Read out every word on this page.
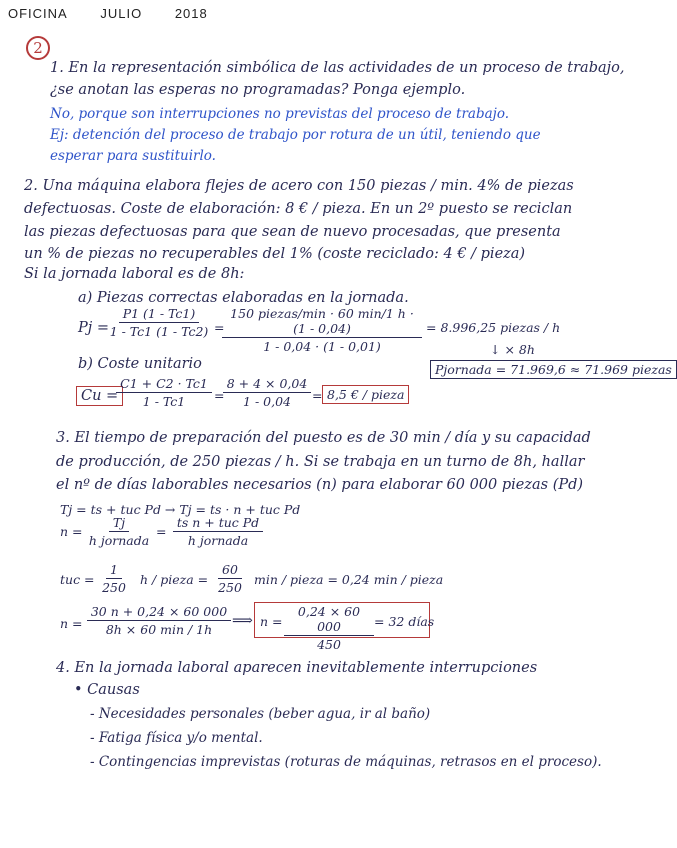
OFICINA	JULIO	2018
2
1. En la representación simbólica de las actividades de un proceso de trabajo,
¿se anotan las esperas no programadas? Ponga ejemplo.
No, porque son interrupciones no previstas del proceso de trabajo.
Ej: detención del proceso de trabajo por rotura de un útil, teniendo que
esperar para sustituirlo.
2. Una máquina elabora flejes de acero con 150 piezas / min. 4% de piezas
defectuosas. Coste de elaboración: 8 € / pieza. En un 2º puesto se reciclan
las piezas defectuosas para que sean de nuevo procesadas, que presenta
un % de piezas no recuperables del 1% (coste reciclado: 4 € / pieza)
Si la jornada laboral es de 8h:
a) Piezas correctas elaboradas en la jornada.
Pj =
$\frac{P1 (1 - Tc1)}{1 - Tc1 (1 - Tc2)}$ =
150 piezas/min · 60 min/1 h · (1 - 0,04)
1 - 0,04 · (1 - 0,01)
= 8.996,25 piezas / h
↓ × 8h
Pjornada = 71.969,6 ≈ 71.969 piezas
b) Coste unitario
Cu =
$\frac{C1 + C2 \cdot Tc1}{1 - Tc1}$ =
$\frac{8 + 4 \times 0,04}{1 - 0,04} = 8,5$ € / pieza
3. El tiempo de preparación del puesto es de 30 min / día y su capacidad
de producción, de 250 piezas / h. Si se trabaja en un turno de 8h, hallar
el nº de días laborables necesarios (n) para elaborar 60 000 piezas (Pd)
Tj = ts + tuc Pd → Tj = ts · n + tuc Pd
n =
Tj
h jornada
=
ts n + tuc Pd
h jornada
tuc = $\frac{1}{250}$ h / pieza = $\frac{60}{250}$ min / pieza = 0,24 min / pieza
n =
30 n + 0,24 × 60 000
8h × 60 min / 1h
⟹ $n = \frac{0,24 \times 60 000}{450} = 32$ días
4. En la jornada laboral aparecen inevitablemente interrupciones
• Causas
- Necesidades personales (beber agua, ir al baño)
- Fatiga física y/o mental.
- Contingencias imprevistas (roturas de máquinas, retrasos en el proceso).
